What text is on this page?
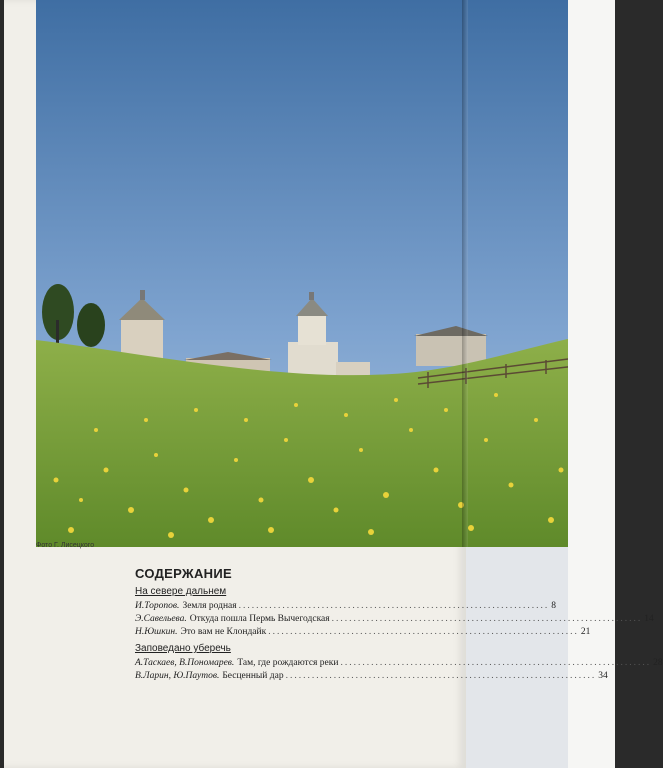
Фото Г. Лисецкого
СОДЕРЖАНИЕ
На севере дальнем
И.Торопов. Земля родная ....................................................................... 8
Э.Савельева. Откуда пошла Пермь Вычегодская ....................................................................... 14
Н.Юшкин. Это вам не Клондайк ....................................................................... 21
Заповедано уберечь
А.Таскаев, В.Пономарев. Там, где рождаются реки ....................................................................... 28
В.Ларин, Ю.Паутов. Бесценный дар ....................................................................... 34
